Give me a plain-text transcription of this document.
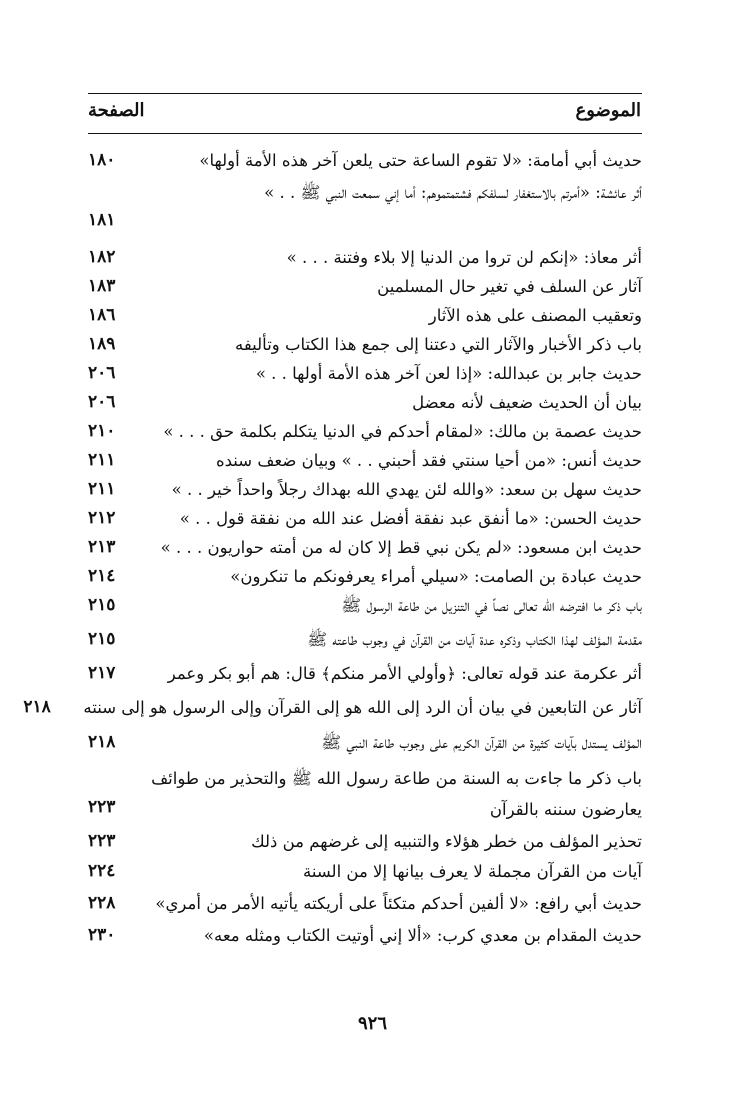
الموضوع
الصفحة
حديث أبي أمامة: «لا تقوم الساعة حتى يلعن آخر هذه الأمة أولها»
١٨٠
أثر عائشة: «أمرتم بالاستغفار لسلفكم فشتمتموهم: أما إني سمعت النبي ﷺ . . »
١٨١
أثر معاذ: «إنكم لن تروا من الدنيا إلا بلاء وفتنة . . . »
١٨٢
آثار عن السلف في تغير حال المسلمين
١٨٣
وتعقيب المصنف على هذه الآثار
١٨٦
باب ذكر الأخبار والآثار التي دعتنا إلى جمع هذا الكتاب وتأليفه
١٨٩
حديث جابر بن عبدالله: «إذا لعن آخر هذه الأمة أولها . . »
٢٠٦
بيان أن الحديث ضعيف لأنه معضل
٢٠٦
حديث عصمة بن مالك: «لمقام أحدكم في الدنيا يتكلم بكلمة حق . . . »
٢١٠
حديث أنس: «من أحيا سنتي فقد أحبني . . » وبيان ضعف سنده
٢١١
حديث سهل بن سعد: «والله لئن يهدي الله بهداك رجلاً واحداً خير . . »
٢١١
حديث الحسن: «ما أنفق عبد نفقة أفضل عند الله من نفقة قول . . »
٢١٢
حديث ابن مسعود: «لم يكن نبي قط إلا كان له من أمته حواريون . . . »
٢١٣
حديث عبادة بن الصامت: «سيلي أمراء يعرفونكم ما تنكرون»
٢١٤
باب ذكر ما افترضه الله تعالى نصاً في التنزيل من طاعة الرسول ﷺ
٢١٥
مقدمة المؤلف لهذا الكتاب وذكره عدة آيات من القرآن في وجوب طاعته ﷺ
٢١٥
أثر عكرمة عند قوله تعالى: ﴿وأولي الأمر منكم﴾ قال: هم أبو بكر وعمر
٢١٧
آثار عن التابعين في بيان أن الرد إلى الله هو إلى القرآن وإلى الرسول هو إلى سنته
٢١٨
المؤلف يستدل بآيات كثيرة من القرآن الكريم على وجوب طاعة النبي ﷺ
٢١٨
باب ذكر ما جاءت به السنة من طاعة رسول الله ﷺ والتحذير من طوائف يعارضون سننه بالقرآن
٢٢٣
تحذير المؤلف من خطر هؤلاء والتنبيه إلى غرضهم من ذلك
٢٢٣
آيات من القرآن مجملة لا يعرف بيانها إلا من السنة
٢٢٤
حديث أبي رافع: «لا ألفين أحدكم متكئاً على أريكته يأتيه الأمر من أمري»
٢٢٨
حديث المقدام بن معدي كرب: «ألا إني أوتيت الكتاب ومثله معه»
٢٣٠
٩٢٦
